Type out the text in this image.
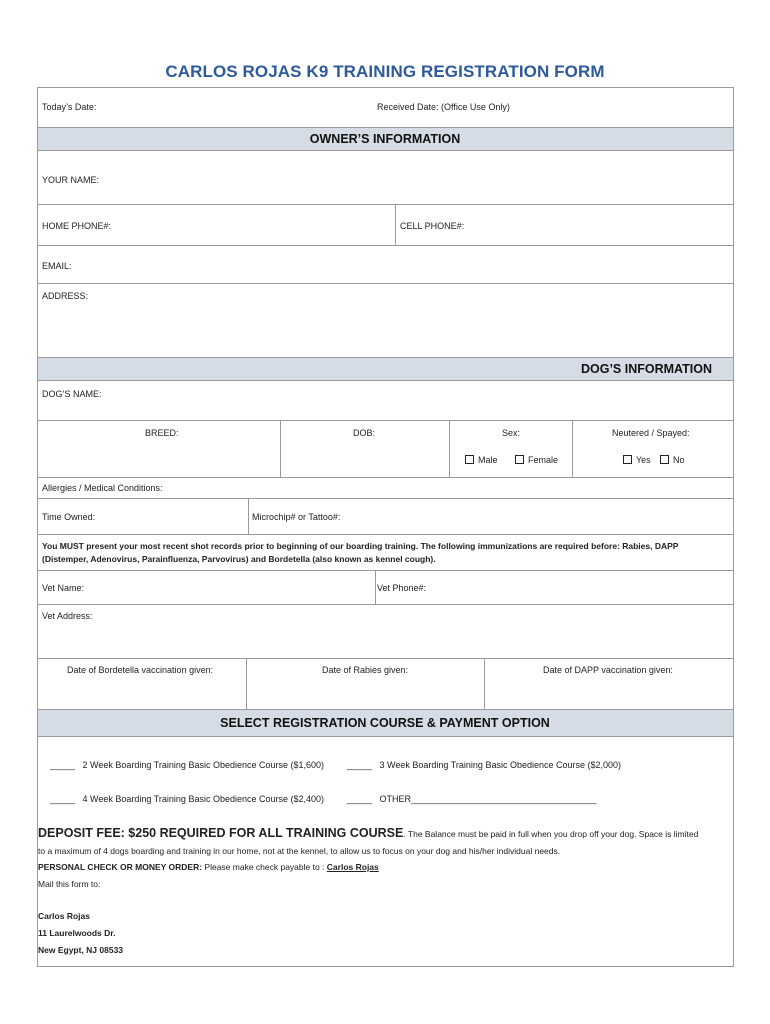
CARLOS ROJAS K9 TRAINING REGISTRATION FORM
Today’s Date:	Received Date: (Office Use Only)
OWNER’S INFORMATION
YOUR NAME:
HOME PHONE#:	CELL PHONE#:
EMAIL:
ADDRESS:
DOG’S INFORMATION
DOG’S NAME:
BREED:	DOB:	Sex:	Neutered / Spayed:
Male	Female	Yes	No
Allergies / Medical Conditions:
Time Owned:	Microchip# or Tattoo#:
You MUST present your most recent shot records prior to beginning of our boarding training. The following immunizations are required before: Rabies, DAPP
(Distemper, Adenovirus, Parainfluenza, Parvovirus) and Bordetella (also known as kennel cough).
Vet Name:	Vet Phone#:
Vet Address:
Date of Bordetella vaccination given:	Date of Rabies given:	Date of DAPP vaccination given:
SELECT REGISTRATION COURSE & PAYMENT OPTION
_____ 2 Week Boarding Training Basic Obedience Course ($1,600)	_____ 3 Week Boarding Training Basic Obedience Course ($2,000)
_____ 4 Week Boarding Training Basic Obedience Course ($2,400)	_____ OTHER_____________________________________
DEPOSIT FEE: $250 REQUIRED FOR ALL TRAINING COURSE. The Balance must be paid in full when you drop off your dog. Space is limited
to a maximum of 4 dogs boarding and training in our home, not at the kennel, to allow us to focus on your dog and his/her individual needs.
PERSONAL CHECK OR MONEY ORDER: Please make check payable to : Carlos Rojas
Mail this form to:
Carlos Rojas
11 Laurelwoods Dr.
New Egypt, NJ 08533
